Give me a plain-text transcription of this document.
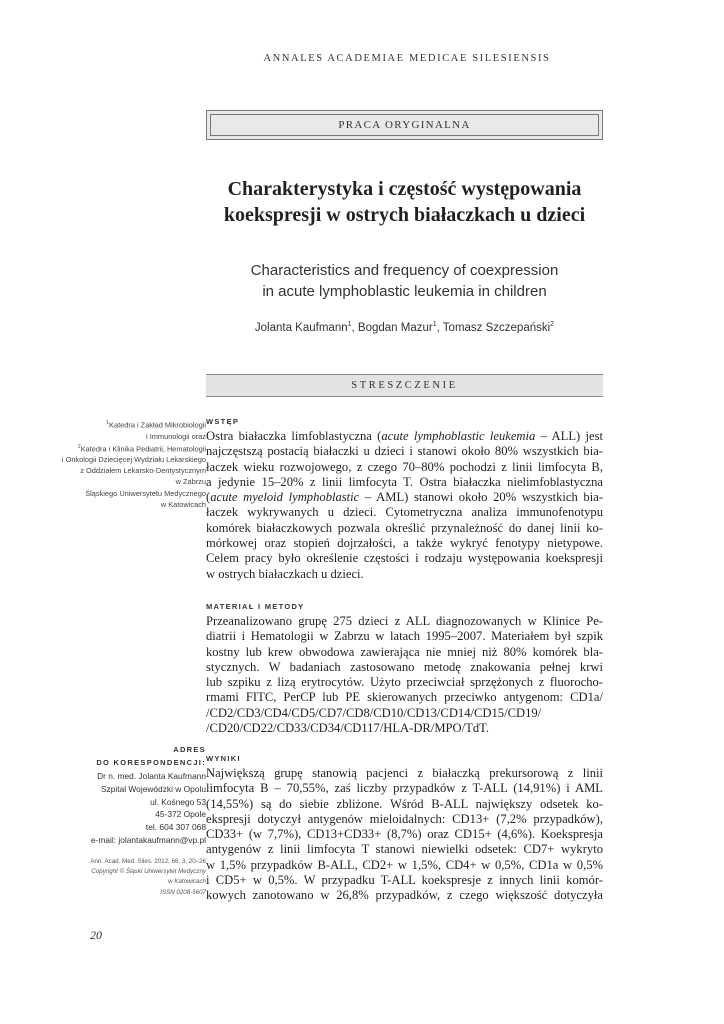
ANNALES ACADEMIAE MEDICAE SILESIENSIS
PRACA ORYGINALNA
Charakterystyka i częstość występowania
koekspresji w ostrych białaczkach u dzieci
Characteristics and frequency of coexpression
in acute lymphoblastic leukemia in children
Jolanta Kaufmann$^1$, Bogdan Mazur$^1$, Tomasz Szczepański$^2$
STRESZCZENIE
$^1$Katedra i Zakład Mikrobiologii
i Immunologii oraz
$^2$Katedra i Klinika Pediatrii, Hematologii
i Onkologii Dziecięcej Wydziału Lekarskiego
z Oddziałem Lekarsko-Dentystycznym
w Zabrzu
Śląskiego Uniwersytetu Medycznego
w Katowicach
WSTĘP
Ostra białaczka limfoblastyczna (acute lymphoblastic leukemia – ALL) jest
najczęstszą postacią białaczki u dzieci i stanowi około 80% wszystkich bia-
łaczek wieku rozwojowego, z czego 70–80% pochodzi z linii limfocyta B,
a jedynie 15–20% z linii limfocyta T. Ostra białaczka nielimfoblastyczna
(acute myeloid lymphoblastic – AML) stanowi około 20% wszystkich bia-
łaczek wykrywanych u dzieci. Cytometryczna analiza immunofenotypu
komórek białaczkowych pozwala określić przynależność do danej linii ko-
mórkowej oraz stopień dojrzałości, a także wykryć fenotypy nietypowe.
Celem pracy było określenie częstości i rodzaju występowania koekspresji
w ostrych białaczkach u dzieci.
MATERIAŁ I METODY
Przeanalizowano grupę 275 dzieci z ALL diagnozowanych w Klinice Pe-
diatrii i Hematologii w Zabrzu w latach 1995–2007. Materiałem był szpik
kostny lub krew obwodowa zawierająca nie mniej niż 80% komórek bla-
stycznych. W badaniach zastosowano metodę znakowania pełnej krwi
lub szpiku z lizą erytrocytów. Użyto przeciwciał sprzężonych z fluorocho-
rmami FITC, PerCP lub PE skierowanych przeciwko antygenom: CD1a/
/CD2/CD3/CD4/CD5/CD7/CD8/CD10/CD13/CD14/CD15/CD19/
/CD20/CD22/CD33/CD34/CD117/HLA-DR/MPO/TdT.
WYNIKI
Największą grupę stanowią pacjenci z białaczką prekursorową z linii
limfocyta B – 70,55%, zaś liczby przypadków z T-ALL (14,91%) i AML
(14,55%) są do siebie zbliżone. Wśród B-ALL największy odsetek ko-
ekspresji dotyczył antygenów mieloidalnych: CD13+ (7,2% przypadków),
CD33+ (w 7,7%), CD13+CD33+ (8,7%) oraz CD15+ (4,6%). Koekspresja
antygenów z linii limfocyta T stanowi niewielki odsetek: CD7+ wykryto
w 1,5% przypadków B-ALL, CD2+ w 1,5%, CD4+ w 0,5%, CD1a w 0,5%
i CD5+ w 0,5%. W przypadku T-ALL koekspresje z innych linii komór-
kowych zanotowano w 26,8% przypadków, z czego większość dotyczyła
ADRES
DO KORESPONDENCJI:
Dr n. med. Jolanta Kaufmann
Szpital Wojewódzki w Opolu
ul. Kośnego 53
45-372 Opole
tel. 604 307 068
e-mail: jolantakaufmann@vp.pl
Ann. Acad. Med. Siles. 2012, 66, 3, 20–26
Copyright © Śląski Uniwersytet Medyczny
w Katowicach
ISSN 0208-5607
20
